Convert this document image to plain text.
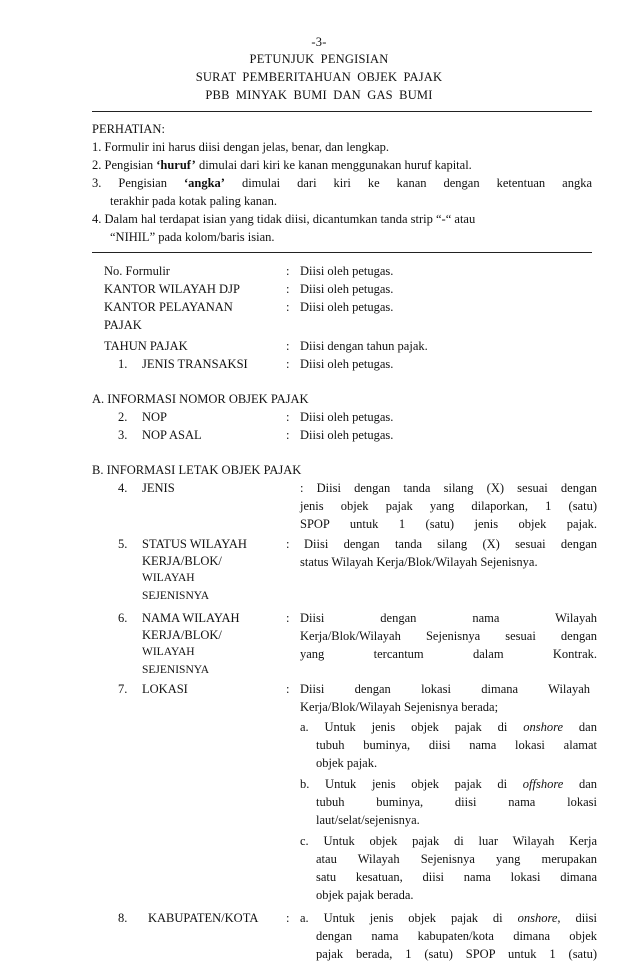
-3-
PETUNJUK PENGISIAN
SURAT PEMBERITAHUAN OBJEK PAJAK
PBB MINYAK BUMI DAN GAS BUMI
PERHATIAN:
1. Formulir ini harus diisi dengan jelas, benar, dan lengkap.
2. Pengisian ‘huruf’ dimulai dari kiri ke kanan menggunakan huruf kapital.
3. Pengisian ‘angka’ dimulai dari kiri ke kanan dengan ketentuan angka
terakhir pada kotak paling kanan.
4. Dalam hal terdapat isian yang tidak diisi, dicantumkan tanda strip “-“ atau
“NIHIL” pada kolom/baris isian.
No. Formulir	: Diisi oleh petugas.
KANTOR WILAYAH DJP	: Diisi oleh petugas.
KANTOR PELAYANAN
PAJAK
: Diisi oleh petugas.
TAHUN PAJAK	: Diisi dengan tahun pajak.
1. JENIS TRANSAKSI	: Diisi oleh petugas.
A. INFORMASI NOMOR OBJEK PAJAK
2. NOP	: Diisi oleh petugas.
3. NOP ASAL	: Diisi oleh petugas.
B. INFORMASI LETAK OBJEK PAJAK
4. JENIS	: Diisi dengan tanda silang (X) sesuai dengan
jenis objek pajak yang dilaporkan, 1 (satu)
SPOP untuk 1 (satu) jenis objek pajak.
5. STATUS WILAYAH
KERJA/BLOK/
WILAYAH
SEJENISNYA
: Diisi dengan tanda silang (X) sesuai dengan
status Wilayah Kerja/Blok/Wilayah Sejenisnya.
6. NAMA WILAYAH
KERJA/BLOK/
WILAYAH
SEJENISNYA
: Diisi dengan nama Wilayah
Kerja/Blok/Wilayah Sejenisnya sesuai dengan
yang tercantum dalam Kontrak.
7. LOKASI	: Diisi dengan lokasi dimana Wilayah
Kerja/Blok/Wilayah Sejenisnya berada;
a. Untuk jenis objek pajak di onshore dan
tubuh buminya, diisi nama lokasi alamat
objek pajak.
b. Untuk jenis objek pajak di offshore dan
tubuh buminya, diisi nama lokasi
laut/selat/sejenisnya.
c. Untuk objek pajak di luar Wilayah Kerja
atau Wilayah Sejenisnya yang merupakan
satu kesatuan, diisi nama lokasi dimana
objek pajak berada.
8. KABUPATEN/KOTA : a. Untuk jenis objek pajak di onshore, diisi
dengan nama kabupaten/kota dimana objek
pajak berada, 1 (satu) SPOP untuk 1 (satu)
